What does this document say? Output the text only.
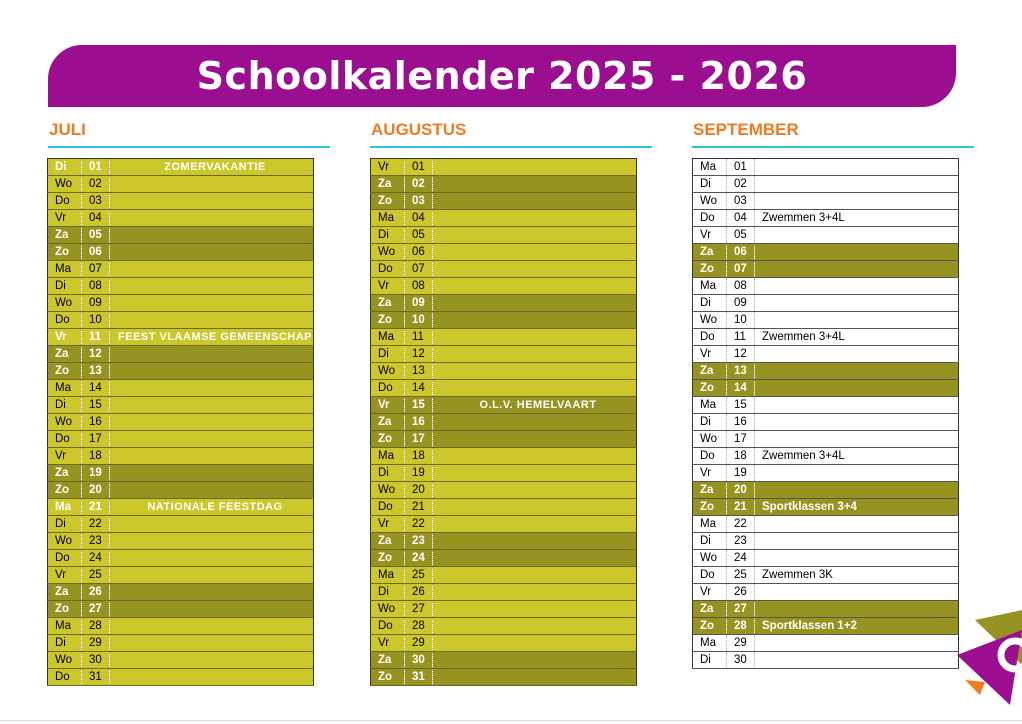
Schoolkalender 2025 - 2026
JULI	AUGUSTUS	SEPTEMBER
Di	01	ZOMERVAKANTIE
Wo	02	
Do	03	
Vr	04	
Za	05	
Zo	06	
Ma	07	
Di	08	
Wo	09	
Do	10	
Vr	11	FEEST VLAAMSE GEMEENSCHAP
Za	12	
Zo	13	
Ma	14	
Di	15	
Wo	16	
Do	17	
Vr	18	
Za	19	
Zo	20	
Ma	21	NATIONALE FEESTDAG
Di	22	
Wo	23	
Do	24	
Vr	25	
Za	26	
Zo	27	
Ma	28	
Di	29	
Wo	30	
Do	31	
Vr	01	
Za	02	
Zo	03	
Ma	04	
Di	05	
Wo	06	
Do	07	
Vr	08	
Za	09	
Zo	10	
Ma	11	
Di	12	
Wo	13	
Do	14	
Vr	15	O.L.V. HEMELVAART
Za	16	
Zo	17	
Ma	18	
Di	19	
Wo	20	
Do	21	
Vr	22	
Za	23	
Zo	24	
Ma	25	
Di	26	
Wo	27	
Do	28	
Vr	29	
Za	30	
Zo	31	
Ma	01	
Di	02	
Wo	03	
Do	04	Zwemmen 3+4L
Vr	05	
Za	06	
Zo	07	
Ma	08	
Di	09	
Wo	10	
Do	11	Zwemmen 3+4L
Vr	12	
Za	13	
Zo	14	
Ma	15	
Di	16	
Wo	17	
Do	18	Zwemmen 3+4L
Vr	19	
Za	20	
Zo	21	Sportklassen 3+4
Ma	22	
Di	23	
Wo	24	
Do	25	Zwemmen 3K
Vr	26	
Za	27	
Zo	28	Sportklassen 1+2
Ma	29	
Di	30	
